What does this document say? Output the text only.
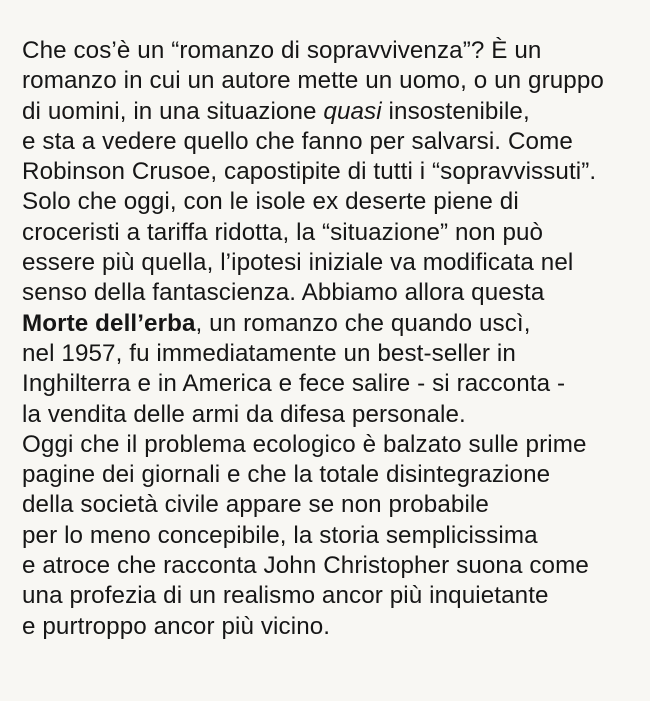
Che cos’è un “romanzo di sopravvivenza”? È un
romanzo in cui un autore mette un uomo, o un gruppo
di uomini, in una situazione quasi insostenibile,
e sta a vedere quello che fanno per salvarsi. Come
Robinson Crusoe, capostipite di tutti i “sopravvissuti”.
Solo che oggi, con le isole ex deserte piene di
croceristi a tariffa ridotta, la “situazione” non può
essere più quella, l’ipotesi iniziale va modificata nel
senso della fantascienza. Abbiamo allora questa
Morte dell’erba, un romanzo che quando uscì,
nel 1957, fu immediatamente un best-seller in
Inghilterra e in America e fece salire - si racconta -
la vendita delle armi da difesa personale.
Oggi che il problema ecologico è balzato sulle prime
pagine dei giornali e che la totale disintegrazione
della società civile appare se non probabile
per lo meno concepibile, la storia semplicissima
e atroce che racconta John Christopher suona come
una profezia di un realismo ancor più inquietante
e purtroppo ancor più vicino.
